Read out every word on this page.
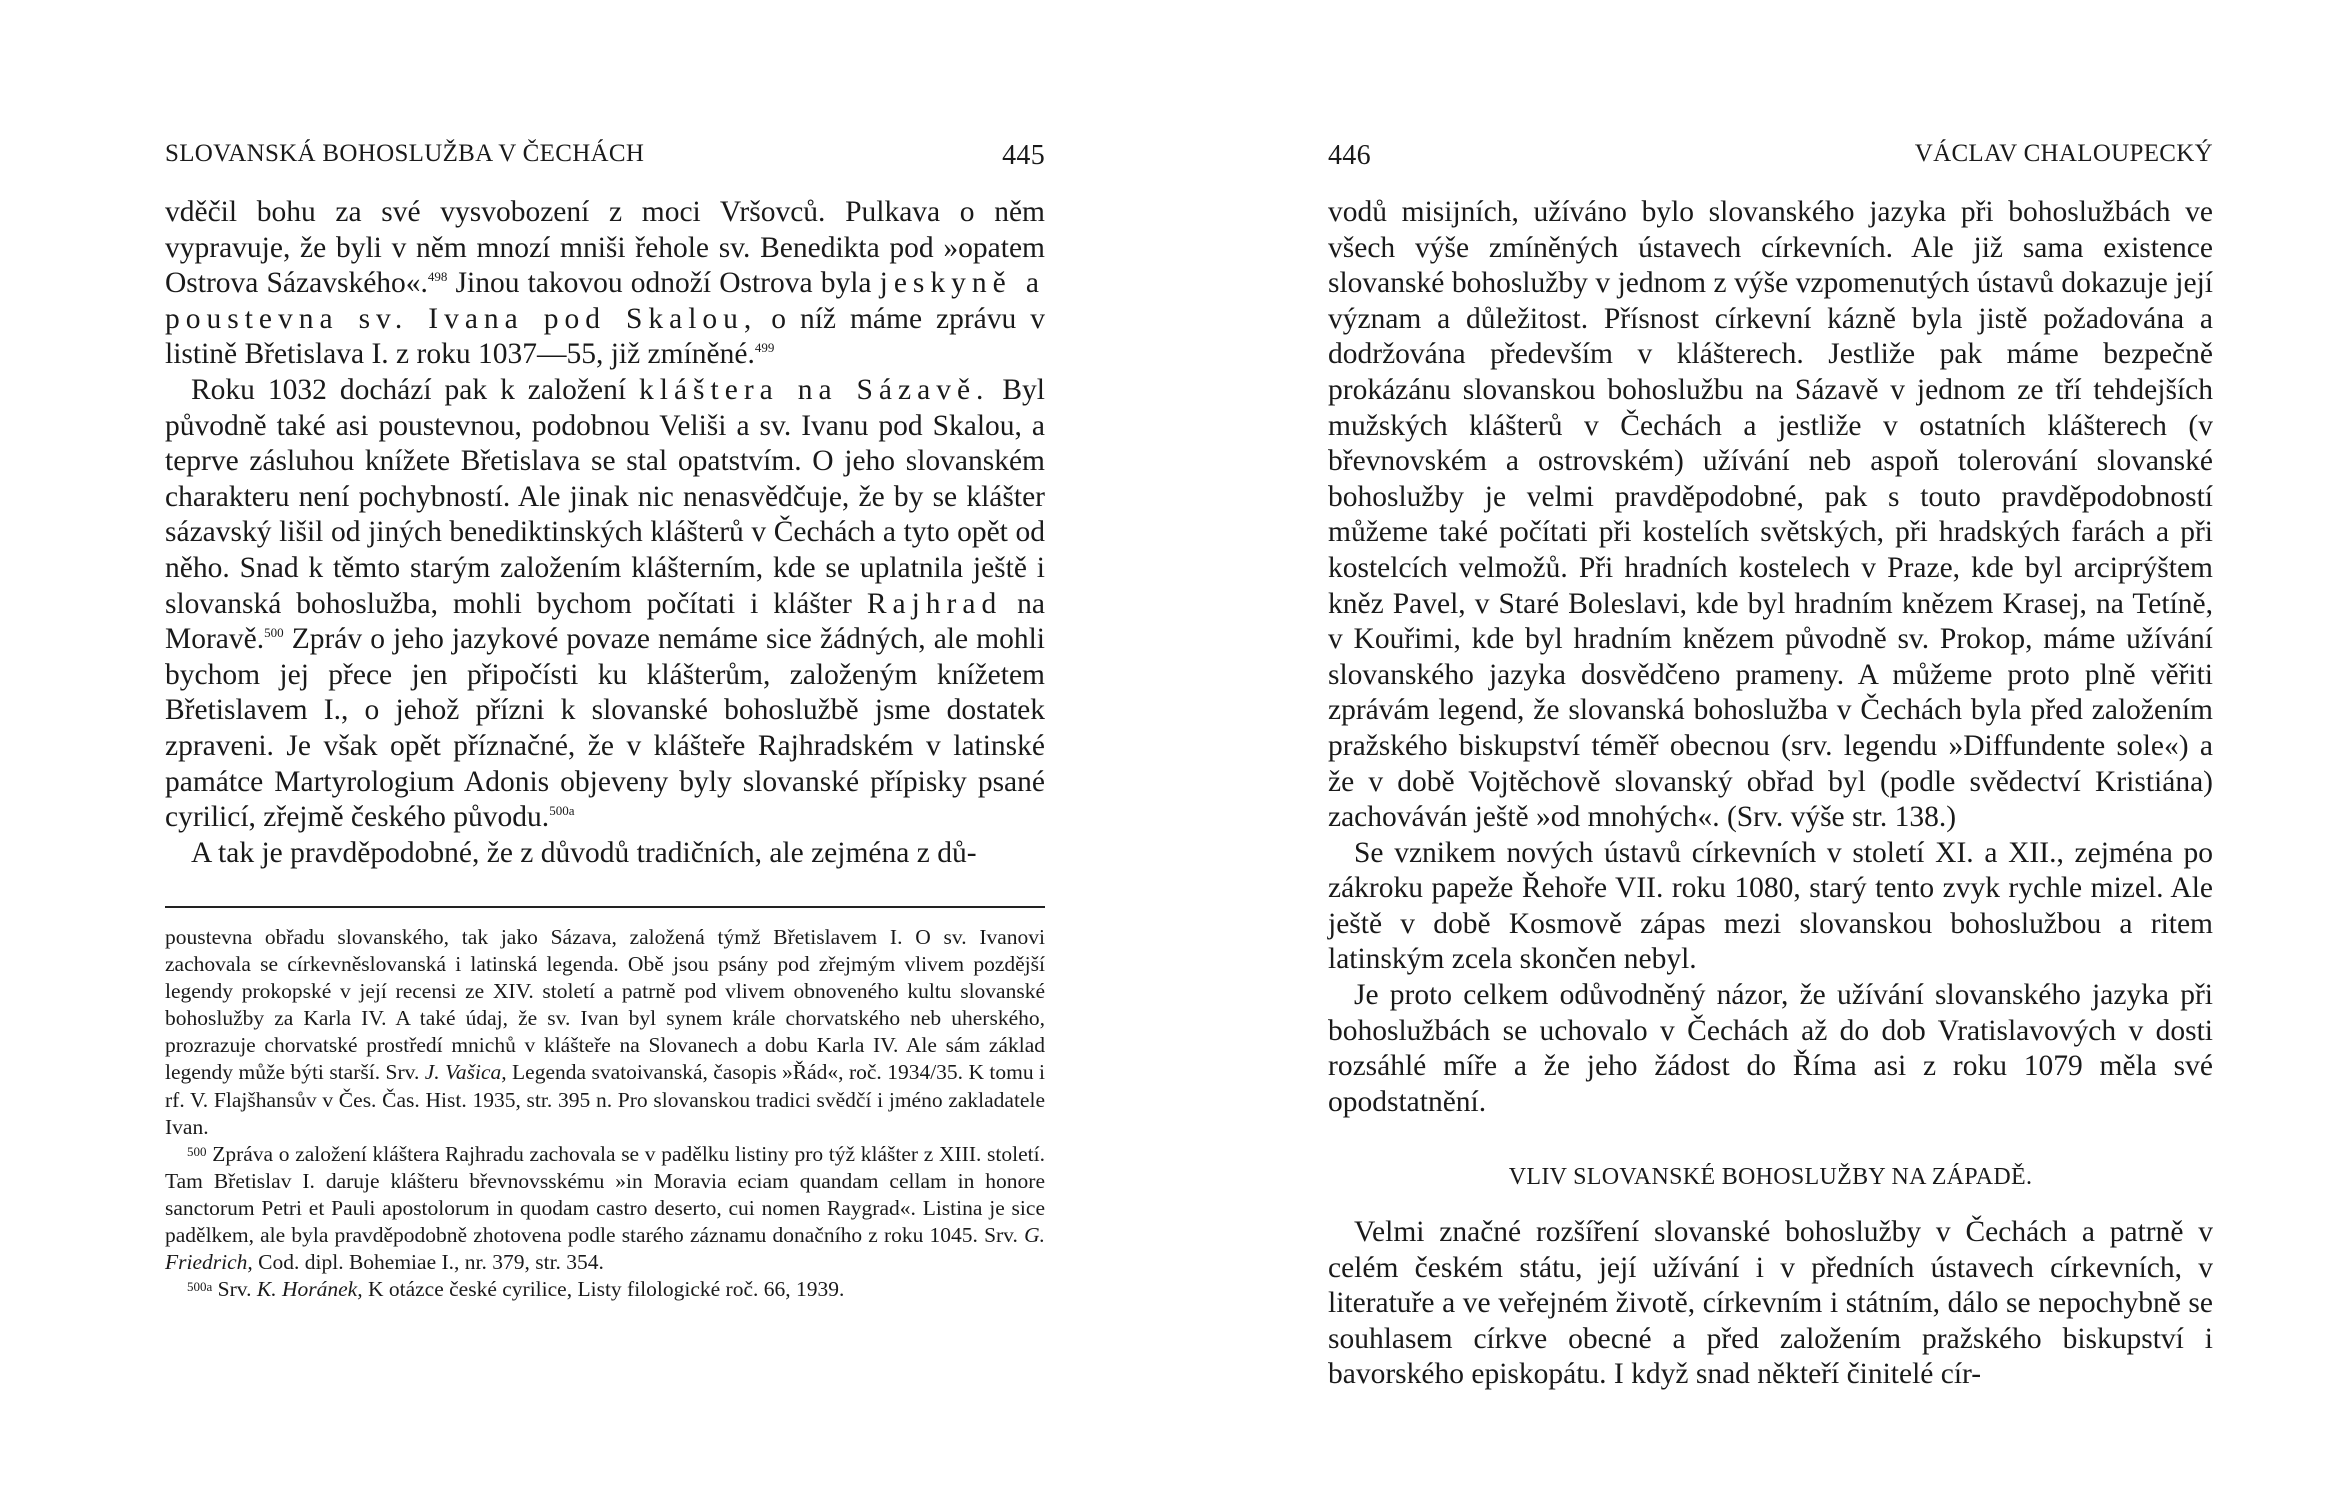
SLOVANSKÁ BOHOSLUŽBA V ČECHÁCH	445

vděčil bohu za své vysvobození z moci Vršovců. Pulkava o něm vypravuje, že byli v něm mnozí mniši řehole sv. Benedikta pod »opatem Ostrova Sázavského«.$^{498}$ Jinou takovou odnoží Ostrova byla jeskyně a poustevna sv. Ivana pod Skalou, o níž máme zprávu v listině Břetislava I. z roku 1037—55, již zmíněné.$^{499}$

Roku 1032 dochází pak k založení kláštera na Sázavě. Byl původně také asi poustevnou, podobnou Veliši a sv. Ivanu pod Skalou, a teprve zásluhou knížete Břetislava se stal opatstvím. O jeho slovanském charakteru není pochybností. Ale jinak nic nenasvědčuje, že by se klášter sázavský lišil od jiných benediktinských klášterů v Čechách a tyto opět od něho. Snad k těmto starým založením klášterním, kde se uplatnila ještě i slovanská bohoslužba, mohli bychom počítati i klášter Rajhrad na Moravě.$^{500}$ Zpráv o jeho jazykové povaze nemáme sice žádných, ale mohli bychom jej přece jen připočísti ku klášterům, založeným knížetem Břetislavem I., o jehož přízni k slovanské bohoslužbě jsme dostatek zpraveni. Je však opět příznačné, že v klášteře Rajhradském v latinské památce Martyrologium Adonis objeveny byly slovanské přípisky psané cyrilicí, zřejmě českého původu.$^{500a}$

A tak je pravděpodobné, že z důvodů tradičních, ale zejména z dů-

poustevna obřadu slovanského, tak jako Sázava, založená týmž Břetislavem I. O sv. Ivanovi zachovala se církevněslovanská i latinská legenda. Obě jsou psány pod zřejmým vlivem pozdější legendy prokopské v její recensi ze XIV. století a patrně pod vlivem obnoveného kultu slovanské bohoslužby za Karla IV. A také údaj, že sv. Ivan byl synem krále chorvatského neb uherského, prozrazuje chorvatské prostředí mnichů v klášteře na Slovanech a dobu Karla IV. Ale sám základ legendy může býti starší. Srv. J. Vašica, Legenda svatoivanská, časopis »Řád«, roč. 1934/35. K tomu i rf. V. Flajšhansův v Čes. Čas. Hist. 1935, str. 395 n. Pro slovanskou tradici svědčí i jméno zakladatele Ivan.

$^{500}$ Zpráva o založení kláštera Rajhradu zachovala se v padělku listiny pro týž klášter z XIII. století. Tam Břetislav I. daruje klášteru břevnovsskému »in Moravia eciam quandam cellam in honore sanctorum Petri et Pauli apostolorum in quodam castro deserto, cui nomen Raygrad«. Listina je sice padělkem, ale byla pravděpodobně zhotovena podle starého záznamu donačního z roku 1045. Srv. G. Friedrich, Cod. dipl. Bohemiae I., nr. 379, str. 354.

$^{500a}$ Srv. K. Horánek, K otázce české cyrilice, Listy filologické roč. 66, 1939.

446	VÁCLAV CHALOUPECKÝ

vodů misijních, užíváno bylo slovanského jazyka při bohoslužbách ve všech výše zmíněných ústavech církevních. Ale již sama existence slovanské bohoslužby v jednom z výše vzpomenutých ústavů dokazuje její význam a důležitost. Přísnost církevní kázně byla jistě požadována a dodržována především v klášterech. Jestliže pak máme bezpečně prokázánu slovanskou bohoslužbu na Sázavě v jednom ze tří tehdejších mužských klášterů v Čechách a jestliže v ostatních klášterech (v břevnovském a ostrovském) užívání neb aspoň tolerování slovanské bohoslužby je velmi pravděpodobné, pak s touto pravděpodobností můžeme také počítati při kostelích světských, při hradských farách a při kostelcích velmožů. Při hradních kostelech v Praze, kde byl arciprýštem kněz Pavel, v Staré Boleslavi, kde byl hradním knězem Krasej, na Tetíně, v Kouřimi, kde byl hradním knězem původně sv. Prokop, máme užívání slovanského jazyka dosvědčeno prameny. A můžeme proto plně věřiti zprávám legend, že slovanská bohoslužba v Čechách byla před založením pražského biskupství téměř obecnou (srv. legendu »Diffundente sole«) a že v době Vojtěchově slovanský obřad byl (podle svědectví Kristiána) zachováván ještě »od mnohých«. (Srv. výše str. 138.)

Se vznikem nových ústavů církevních v století XI. a XII., zejména po zákroku papeže Řehoře VII. roku 1080, starý tento zvyk rychle mizel. Ale ještě v době Kosmově zápas mezi slovanskou bohoslužbou a ritem latinským zcela skončen nebyl.

Je proto celkem odůvodněný názor, že užívání slovanského jazyka při bohoslužbách se uchovalo v Čechách až do dob Vratislavových v dosti rozsáhlé míře a že jeho žádost do Říma asi z roku 1079 měla své opodstatnění.

VLIV SLOVANSKÉ BOHOSLUŽBY NA ZÁPADĚ.

Velmi značné rozšíření slovanské bohoslužby v Čechách a patrně v celém českém státu, její užívání i v předních ústavech církevních, v literatuře a ve veřejném životě, církevním i státním, dálo se nepochybně se souhlasem církve obecné a před založením pražského biskupství i bavorského episkopátu. I když snad někteří činitelé cír-
